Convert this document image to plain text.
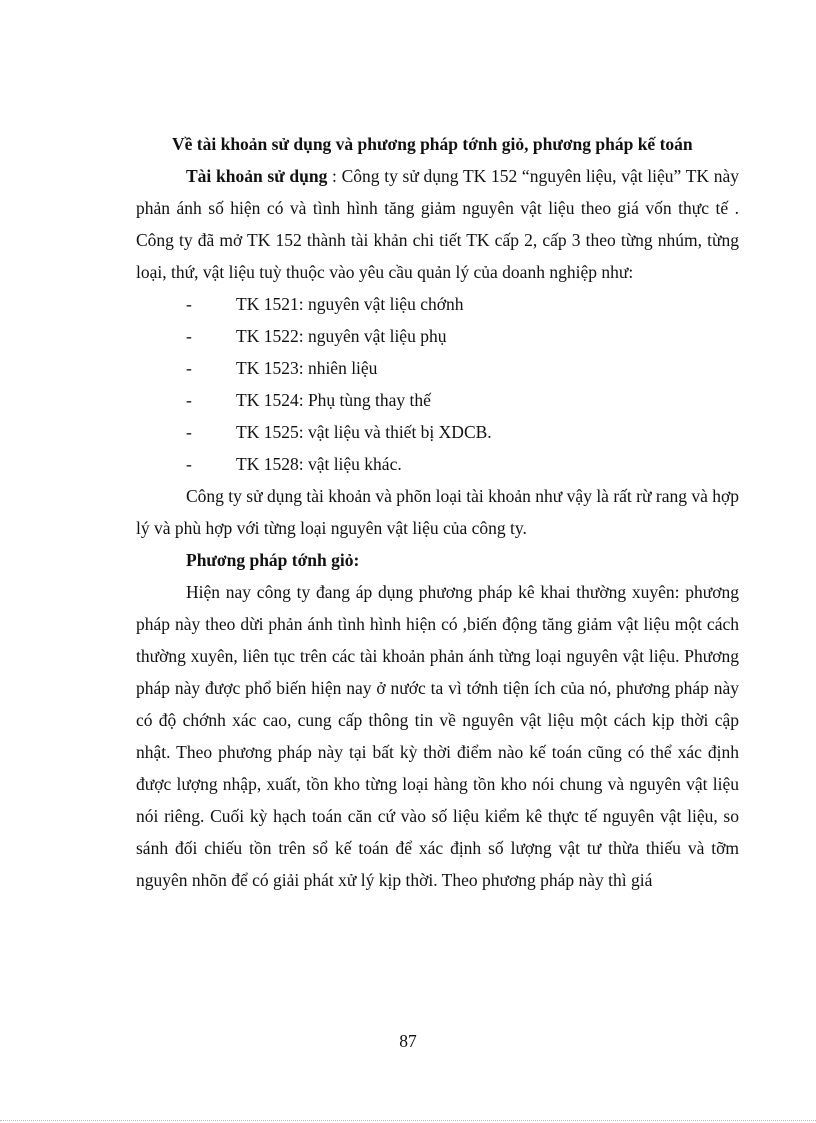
Về tài khoản sử dụng và phương pháp tớnh giỏ, phương pháp kế toán

Tài khoản sử dụng : Công ty sử dụng TK 152 “nguyên liệu, vật liệu” TK này phản ánh số hiện có và tình hình tăng giảm nguyên vật liệu theo giá vốn thực tế . Công ty đã mở TK 152 thành tài khản chi tiết TK cấp 2, cấp 3 theo từng nhúm, từng loại, thứ, vật liệu tuỳ thuộc vào yêu cầu quản lý của doanh nghiệp như:

-	TK 1521: nguyên vật liệu chớnh
-	TK 1522: nguyên vật liệu phụ
-	TK 1523: nhiên liệu
-	TK 1524: Phụ tùng thay thế
-	TK 1525: vật liệu và thiết bị XDCB.
-	TK 1528: vật liệu khác.

Công ty sử dụng tài khoản và phõn loại tài khoản như vậy là rất rừ rang và hợp lý và phù hợp với từng loại nguyên vật liệu của công ty.

Phương pháp tớnh giỏ:

Hiện nay công ty đang áp dụng phương pháp kê khai thường xuyên: phương pháp này theo dừi phản ánh tình hình hiện có ,biến động tăng giảm vật liệu một cách thường xuyên, liên tục trên các tài khoản phản ánh từng loại nguyên vật liệu. Phương pháp này được phổ biến hiện nay ở nước ta vì tớnh tiện ích của nó, phương pháp này có độ chớnh xác cao, cung cấp thông tin về nguyên vật liệu một cách kịp thời cập nhật. Theo phương pháp này tại bất kỳ thời điểm nào kế toán cũng có thể xác định được lượng nhập, xuất, tồn kho từng loại hàng tồn kho nói chung và nguyên vật liệu nói riêng. Cuối kỳ hạch toán căn cứ vào số liệu kiểm kê thực tế nguyên vật liệu, so sánh đối chiếu tồn trên sổ kế toán để xác định số lượng vật tư thừa thiếu và tỡm nguyên nhõn để có giải phát xử lý kịp thời. Theo phương pháp này thì giá

87
